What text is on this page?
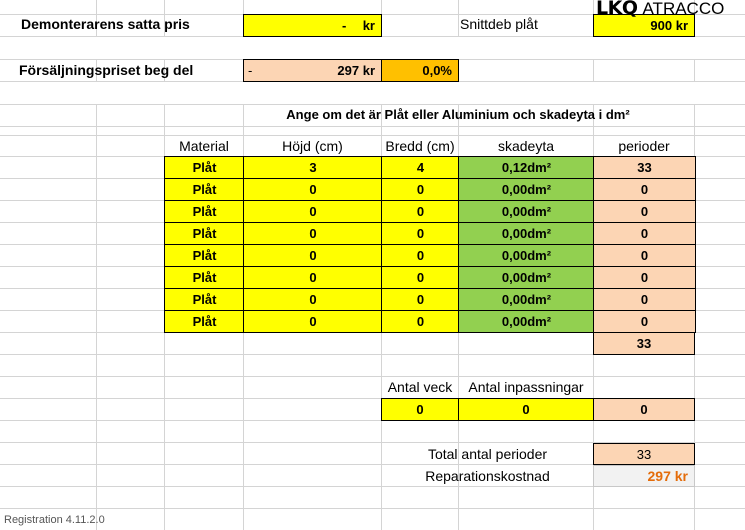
Demonterarens satta pris	- kr	Snittdeb plåt	900 kr
LKQ ATRACCO
Försäljningspriset beg del	-	297 kr	0,0%
Ange om det är Plåt eller Aluminium och skadeyta i dm²
Material	Höjd (cm)	Bredd (cm)	skadeyta	perioder
Plåt	3	4	0,12dm²	33
Plåt	0	0	0,00dm²	0
Plåt	0	0	0,00dm²	0
Plåt	0	0	0,00dm²	0
Plåt	0	0	0,00dm²	0
Plåt	0	0	0,00dm²	0
Plåt	0	0	0,00dm²	0
Plåt	0	0	0,00dm²	0
33
Antal veck	Antal inpassningar
0	0	0
Total antal perioder	33
Reparationskostnad	297 kr
Registration 4.11.2.0
